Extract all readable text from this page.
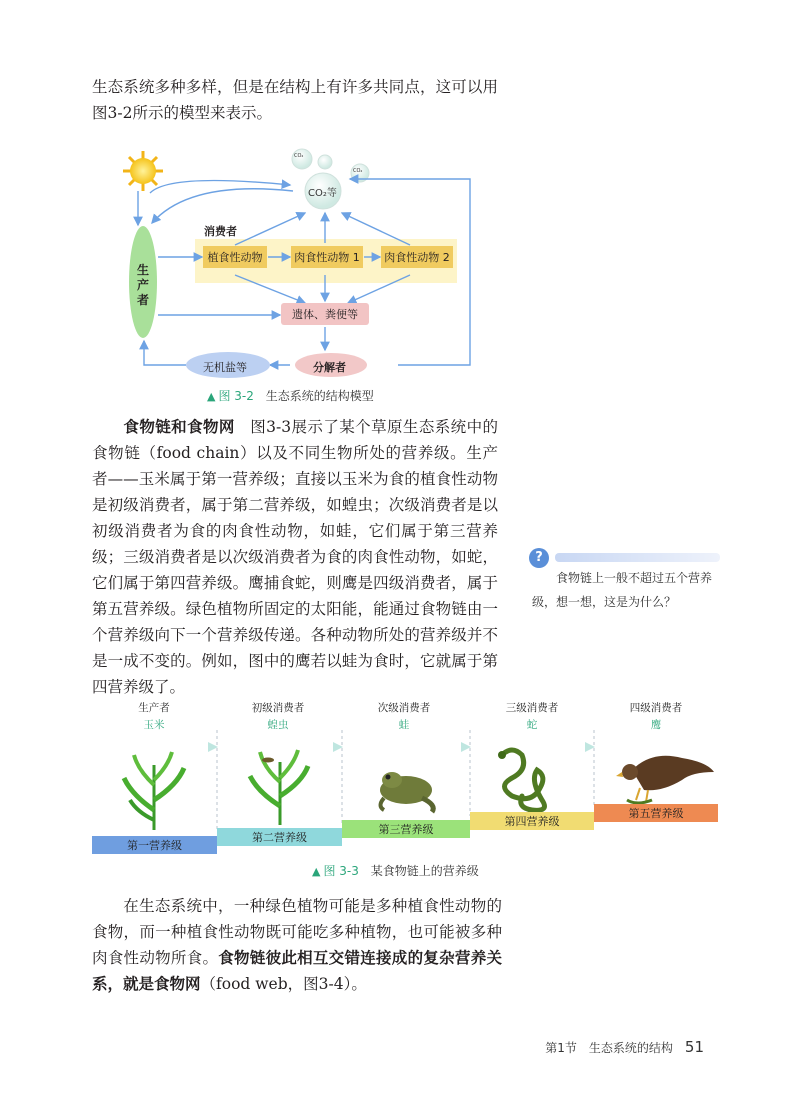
生态系统多种多样，但是在结构上有许多共同点，这可以用图3-2所示的模型来表示。

CO₂
CO₂
CO₂等
消费者
植食性动物	肉食性动物 1 肉食性动物 2
生产者
遗体、粪便等
无机盐等	分解者
▲ 图 3-2 生态系统的结构模型

食物链和食物网 图3-3展示了某个草原生态系统中的食物链（food chain）以及不同生物所处的营养级。生产者——玉米属于第一营养级；直接以玉米为食的植食性动物是初级消费者，属于第二营养级，如蝗虫；次级消费者是以初级消费者为食的肉食性动物，如蛙，它们属于第三营养级；三级消费者是以次级消费者为食的肉食性动物，如蛇，它们属于第四营养级。鹰捕食蛇，则鹰是四级消费者，属于第五营养级。绿色植物所固定的太阳能，能通过食物链由一个营养级向下一个营养级传递。各种动物所处的营养级并不是一成不变的。例如，图中的鹰若以蛙为食时，它就属于第四营养级了。

?

食物链上一般不超过五个营养级，想一想，这是为什么？

生产者
玉米
初级消费者
蝗虫
次级消费者
蛙
三级消费者
蛇
四级消费者
鹰
第一营养级
第二营养级
第三营养级
第四营养级
第五营养级
▲ 图 3-3 某食物链上的营养级

在生态系统中，一种绿色植物可能是多种植食性动物的食物，而一种植食性动物既可能吃多种植物，也可能被多种肉食性动物所食。食物链彼此相互交错连接成的复杂营养关系，就是食物网（food web，图3-4）。

第1节　生态系统的结构 51
